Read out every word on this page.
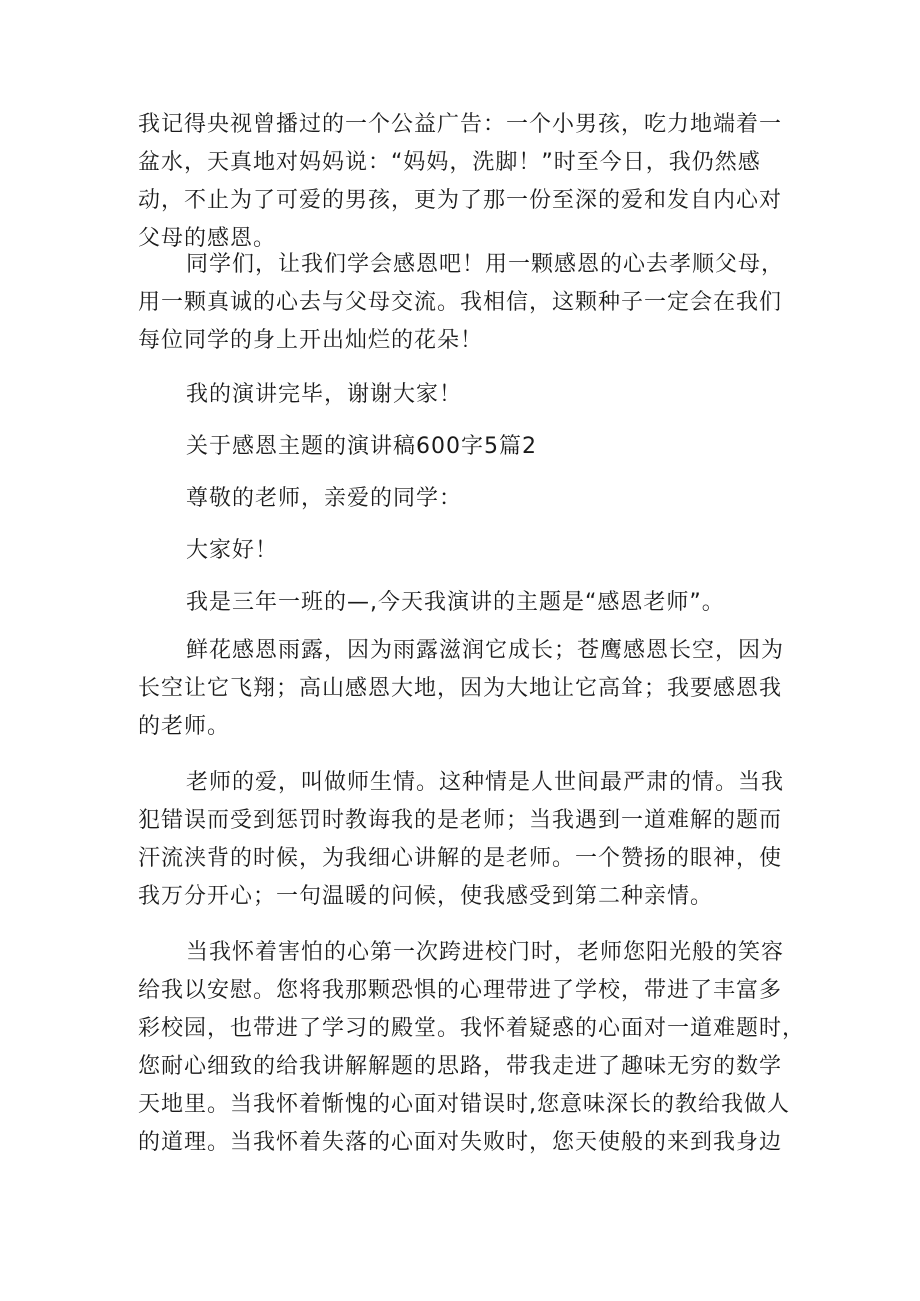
我记得央视曾播过的一个公益广告：一个小男孩，吃力地端着一
盆水，天真地对妈妈说：“妈妈，洗脚！”时至今日，我仍然感
动，不止为了可爱的男孩，更为了那一份至深的爱和发自内心对
父母的感恩。
同学们，让我们学会感恩吧！用一颗感恩的心去孝顺父母，
用一颗真诚的心去与父母交流。我相信，这颗种子一定会在我们
每位同学的身上开出灿烂的花朵！
我的演讲完毕，谢谢大家！
关于感恩主题的演讲稿600字5篇2
尊敬的老师，亲爱的同学：
大家好！
我是三年一班的—,今天我演讲的主题是“感恩老师”。
鲜花感恩雨露，因为雨露滋润它成长；苍鹰感恩长空，因为
长空让它飞翔；高山感恩大地，因为大地让它高耸；我要感恩我
的老师。
老师的爱，叫做师生情。这种情是人世间最严肃的情。当我
犯错误而受到惩罚时教诲我的是老师；当我遇到一道难解的题而
汗流浃背的时候，为我细心讲解的是老师。一个赞扬的眼神，使
我万分开心；一句温暖的问候，使我感受到第二种亲情。
当我怀着害怕的心第一次跨进校门时，老师您阳光般的笑容
给我以安慰。您将我那颗恐惧的心理带进了学校，带进了丰富多
彩校园，也带进了学习的殿堂。我怀着疑惑的心面对一道难题时，
您耐心细致的给我讲解解题的思路，带我走进了趣味无穷的数学
天地里。当我怀着惭愧的心面对错误时,您意味深长的教给我做人
的道理。当我怀着失落的心面对失败时，您天使般的来到我身边
